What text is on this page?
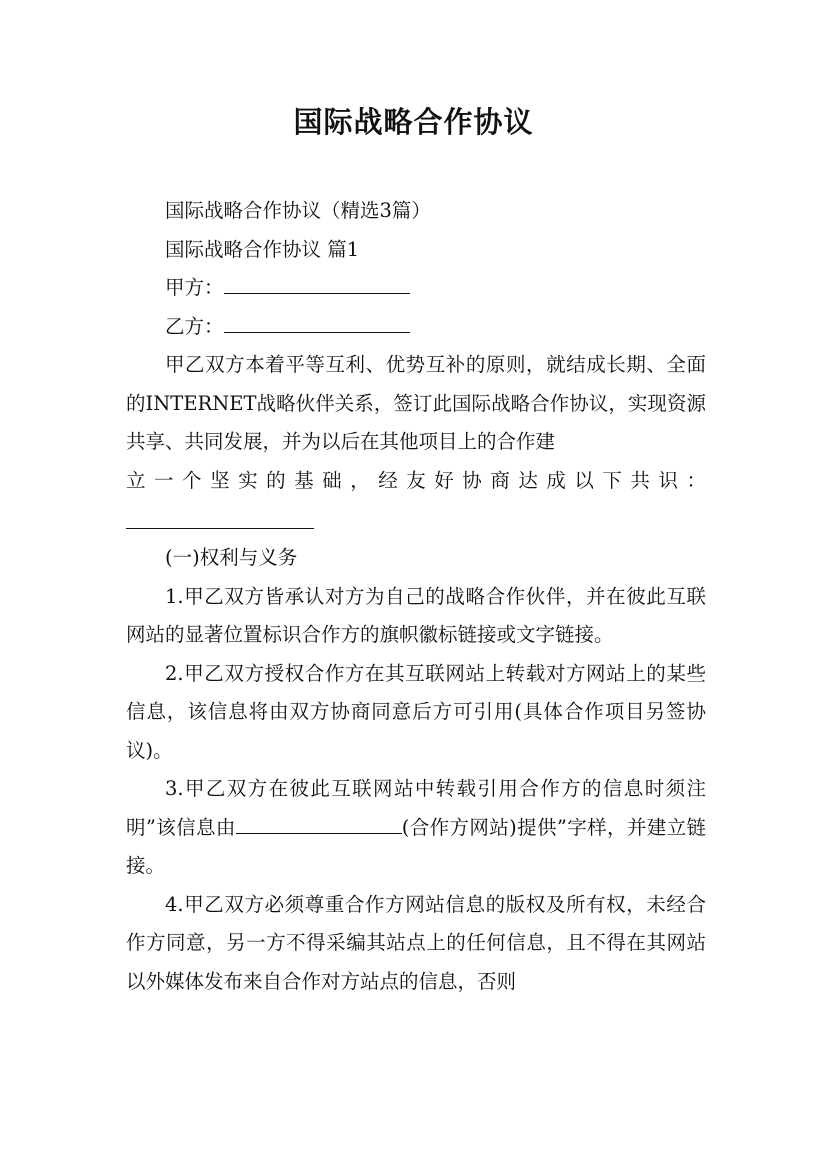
国际战略合作协议

国际战略合作协议（精选3篇）

国际战略合作协议 篇1

甲方：

乙方：

甲乙双方本着平等互利、优势互补的原则，就结成长期、全面的INTERNET战略伙伴关系，签订此国际战略合作协议，实现资源共享、共同发展，并为以后在其他项目上的合作建

立一个坚实的基础，经友好协商达成以下共识：

(一)权利与义务

1.甲乙双方皆承认对方为自己的战略合作伙伴，并在彼此互联网站的显著位置标识合作方的旗帜徽标链接或文字链接。

2.甲乙双方授权合作方在其互联网站上转载对方网站上的某些信息，该信息将由双方协商同意后方可引用(具体合作项目另签协议)。

3.甲乙双方在彼此互联网站中转载引用合作方的信息时须注明”该信息由	(合作方网站)提供”字样，并建立链接。

4.甲乙双方必须尊重合作方网站信息的版权及所有权，未经合作方同意，另一方不得采编其站点上的任何信息，且不得在其网站以外媒体发布来自合作对方站点的信息，否则
